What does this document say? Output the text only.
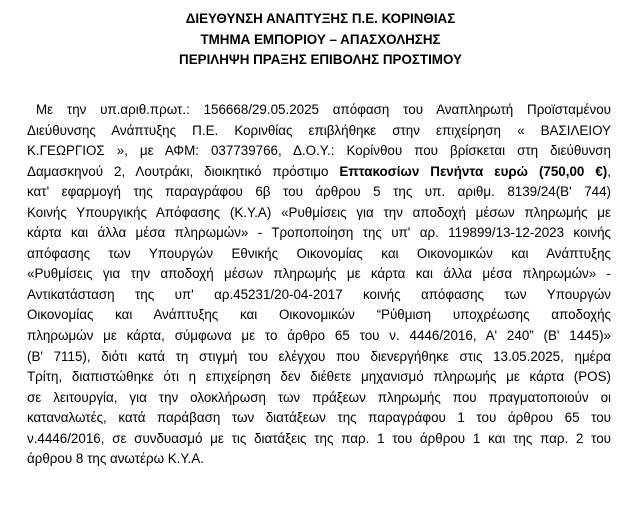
ΔΙΕΥΘΥΝΣΗ ΑΝΑΠΤΥΞΗΣ Π.Ε. ΚΟΡΙΝΘΙΑΣ
ΤΜΗΜΑ ΕΜΠΟΡΙΟΥ – ΑΠΑΣΧΟΛΗΣΗΣ
ΠΕΡΙΛΗΨΗ ΠΡΑΞΗΣ ΕΠΙΒΟΛΗΣ ΠΡΟΣΤΙΜΟΥ
Με την υπ.αριθ.πρωτ.: 156668/29.05.2025 απόφαση του Αναπληρωτή Προϊσταμένου
Διεύθυνσης Ανάπτυξης Π.Ε. Κορινθίας επιβλήθηκε στην επιχείρηση « ΒΑΣΙΛΕΙΟΥ
Κ.ΓΕΩΡΓΙΟΣ », με ΑΦΜ: 037739766, Δ.Ο.Υ.: Κορίνθου που βρίσκεται στη διεύθυνση
Δαμασκηνού 2, Λουτράκι, διοικητικό πρόστιμο Επτακοσίων Πενήντα ευρώ (750,00 €),
κατ' εφαρμογή της παραγράφου 6β του άρθρου 5 της υπ. αριθμ. 8139/24(Β' 744)
Κοινής Υπουργικής Απόφασης (Κ.Υ.Α) «Ρυθμίσεις για την αποδοχή μέσων πληρωμής με
κάρτα και άλλα μέσα πληρωμών» - Τροποποίηση της υπ' αρ. 119899/13-12-2023 κοινής
απόφασης των Υπουργών Εθνικής Οικονομίας και Οικονομικών και Ανάπτυξης
«Ρυθμίσεις για την αποδοχή μέσων πληρωμής με κάρτα και άλλα μέσα πληρωμών» -
Αντικατάσταση της υπ' αρ.45231/20-04-2017 κοινής απόφασης των Υπουργών
Οικονομίας και Ανάπτυξης και Οικονομικών “Ρύθμιση υποχρέωσης αποδοχής
πληρωμών με κάρτα, σύμφωνα με το άρθρο 65 του ν. 4446/2016, Α' 240” (Β' 1445)»
(Β' 7115), διότι κατά τη στιγμή του ελέγχου που διενεργήθηκε στις 13.05.2025, ημέρα
Τρίτη, διαπιστώθηκε ότι η επιχείρηση δεν διέθετε μηχανισμό πληρωμής με κάρτα (POS)
σε λειτουργία, για την ολοκλήρωση των πράξεων πληρωμής που πραγματοποιούν οι
καταναλωτές, κατά παράβαση των διατάξεων της παραγράφου 1 του άρθρου 65 του
ν.4446/2016, σε συνδυασμό με τις διατάξεις της παρ. 1 του άρθρου 1 και της παρ. 2 του
άρθρου 8 της ανωτέρω Κ.Υ.Α.
